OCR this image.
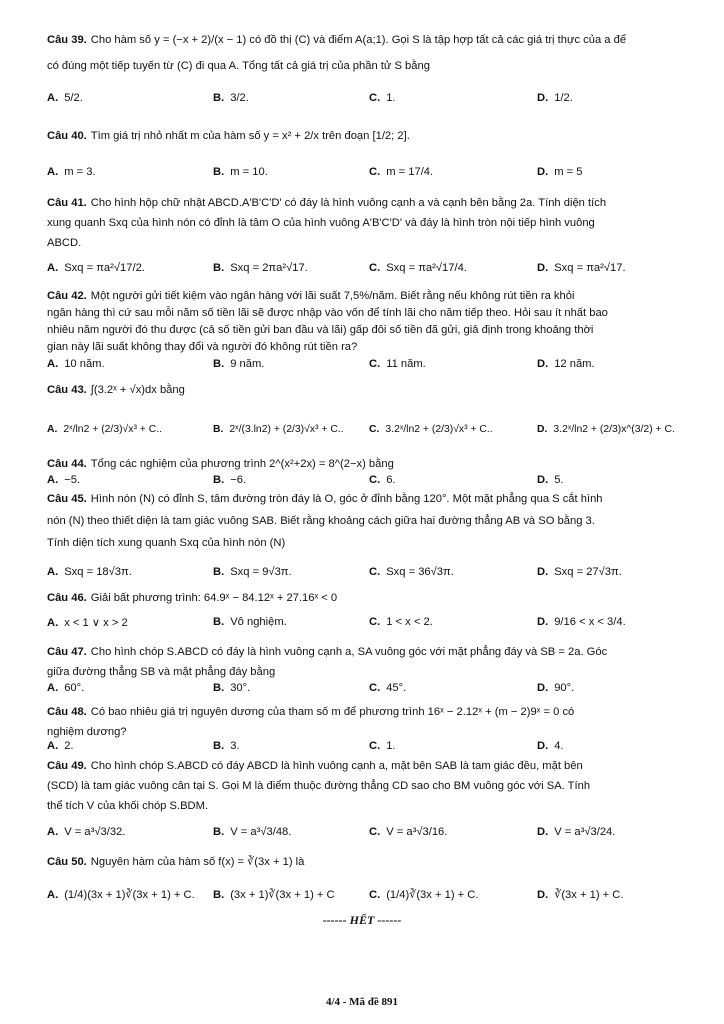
Câu 39. Cho hàm số y = (−x + 2)/(x − 1) có đồ thị (C) và điểm A(a;1). Gọi S là tập hợp tất cả các giá trị thực của a để
có đúng một tiếp tuyến từ (C) đi qua A. Tổng tất cả giá trị của phần tử S bằng
A. 5/2.	B. 3/2.	C. 1.	D. 1/2.
Câu 40. Tìm giá trị nhỏ nhất m của hàm số y = x² + 2/x trên đoạn [1/2; 2].
A. m = 3.	B. m = 10.	C. m = 17/4.	D. m = 5
Câu 41. Cho hình hộp chữ nhật ABCD.A'B'C'D' có đáy là hình vuông cạnh a và cạnh bên bằng 2a. Tính diện tích
xung quanh Sxq của hình nón có đỉnh là tâm O của hình vuông A'B'C'D' và đáy là hình tròn nội tiếp hình vuông
ABCD.
A. Sxq = πa²√17/2.	B. Sxq = 2πa²√17.	C. Sxq = πa²√17/4.	D. Sxq = πa²√17.
Câu 42. Một người gửi tiết kiệm vào ngân hàng với lãi suất 7,5%/năm. Biết rằng nếu không rút tiền ra khỏi
ngân hàng thì cứ sau mỗi năm số tiền lãi sẽ được nhập vào vốn để tính lãi cho năm tiếp theo. Hỏi sau ít nhất bao
nhiêu năm người đó thu được (cả số tiền gửi ban đầu và lãi) gấp đôi số tiền đã gửi, giả định trong khoảng thời
gian này lãi suất không thay đổi và người đó không rút tiền ra?
A. 10 năm.	B. 9 năm.	C. 11 năm.	D. 12 năm.
Câu 43. ∫(3.2ˣ + √x)dx bằng
A. 2ˣ/ln2 + (2/3)√x³ + C..	B. 2ˣ/(3.ln2) + (2/3)√x³ + C.. C. 3.2ˣ/ln2 + (2/3)√x³ + C..	D. 3.2ˣ/ln2 + (2/3)x^(3/2) + C.
Câu 44. Tổng các nghiệm của phương trình 2^(x²+2x) = 8^(2−x) bằng
A. −5.	B. −6.	C. 6.	D. 5.
Câu 45. Hình nón (N) có đỉnh S, tâm đường tròn đáy là O, góc ở đỉnh bằng 120°. Một mặt phẳng qua S cắt hình
nón (N) theo thiết diện là tam giác vuông SAB. Biết rằng khoảng cách giữa hai đường thẳng AB và SO bằng 3.
Tính diện tích xung quanh Sxq của hình nón (N)
A. Sxq = 18√3π.	B. Sxq = 9√3π.	C. Sxq = 36√3π.	D. Sxq = 27√3π.
Câu 46. Giải bất phương trình: 64.9ˣ − 84.12ˣ + 27.16ˣ < 0
A. x < 1 ∨ x > 2	B. Vô nghiệm.	C. 1 < x < 2.	D. 9/16 < x < 3/4.
Câu 47. Cho hình chóp S.ABCD có đáy là hình vuông cạnh a, SA vuông góc với mặt phẳng đáy và SB = 2a. Góc
giữa đường thẳng SB và mặt phẳng đáy bằng
A. 60°.	B. 30°.	C. 45°.	D. 90°.
Câu 48. Có bao nhiêu giá trị nguyên dương của tham số m để phương trình 16ˣ − 2.12ˣ + (m − 2)9ˣ = 0 có
nghiệm dương?
A. 2.	B. 3.	C. 1.	D. 4.
Câu 49. Cho hình chóp S.ABCD có đáy ABCD là hình vuông cạnh a, mặt bên SAB là tam giác đều, mặt bên
(SCD) là tam giác vuông cân tại S. Gọi M là điểm thuộc đường thẳng CD sao cho BM vuông góc với SA. Tính
thể tích V của khối chóp S.BDM.
A. V = a³√3/32.	B. V = a³√3/48.	C. V = a³√3/16.	D. V = a³√3/24.
Câu 50. Nguyên hàm của hàm số f(x) = ∛(3x + 1) là
A. (1/4)(3x + 1)∛(3x + 1) + C. B. (3x + 1)∛(3x + 1) + C	C. (1/4)∛(3x + 1) + C.	D. ∛(3x + 1) + C.
------ HẾT ------
4/4 - Mã đề 891
